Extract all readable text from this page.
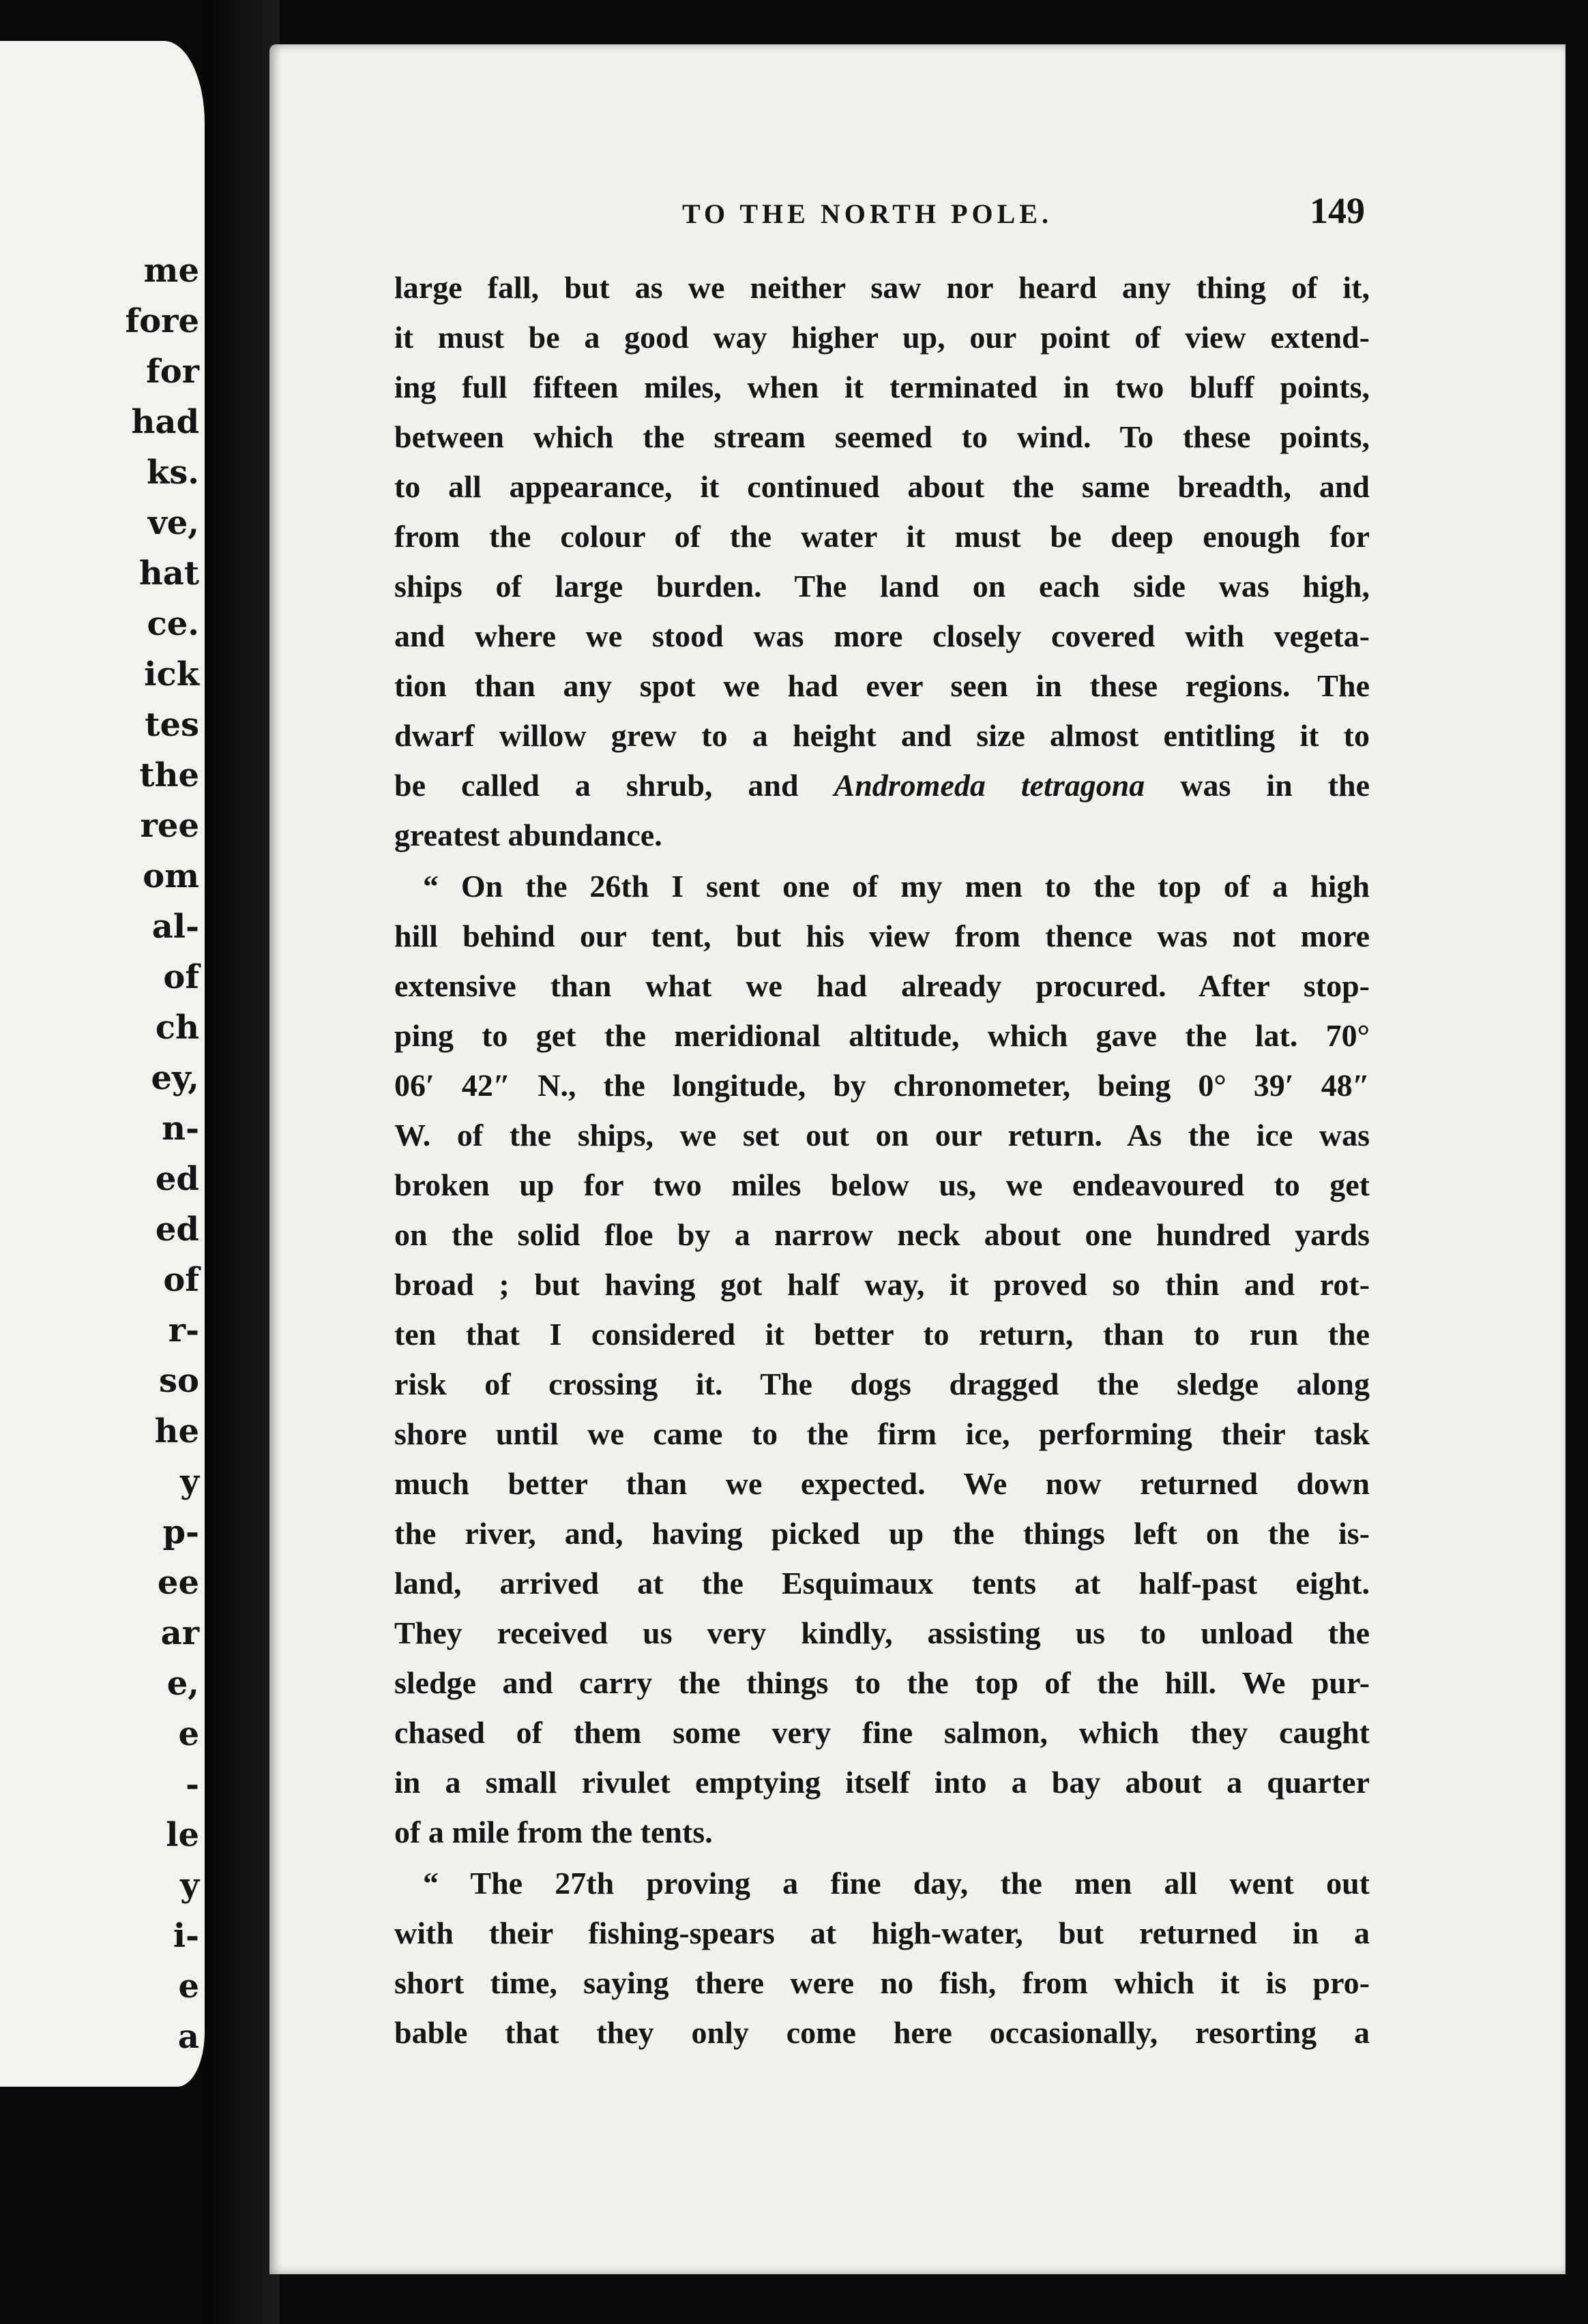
me
fore
for
had
ks.
ve,
hat
ce.
ick
tes
the
ree
om
al-
of
ch
ey,
n-
ed
ed
of
r-
so
he
y
p-
ee
ar
e,
e
-
le
y
i-
e
a
TO THE NORTH POLE.	149
large fall, but as we neither saw nor heard any thing of it,
it must be a good way higher up, our point of view extend-
ing full fifteen miles, when it terminated in two bluff points,
between which the stream seemed to wind. To these points,
to all appearance, it continued about the same breadth, and
from the colour of the water it must be deep enough for
ships of large burden. The land on each side was high,
and where we stood was more closely covered with vegeta-
tion than any spot we had ever seen in these regions. The
dwarf willow grew to a height and size almost entitling it to
be called a shrub, and Andromeda tetragona was in the
greatest abundance.
“ On the 26th I sent one of my men to the top of a high
hill behind our tent, but his view from thence was not more
extensive than what we had already procured. After stop-
ping to get the meridional altitude, which gave the lat. 70°
06′ 42″ N., the longitude, by chronometer, being 0° 39′ 48″
W. of the ships, we set out on our return. As the ice was
broken up for two miles below us, we endeavoured to get
on the solid floe by a narrow neck about one hundred yards
broad ; but having got half way, it proved so thin and rot-
ten that I considered it better to return, than to run the
risk of crossing it. The dogs dragged the sledge along
shore until we came to the firm ice, performing their task
much better than we expected. We now returned down
the river, and, having picked up the things left on the is-
land, arrived at the Esquimaux tents at half-past eight.
They received us very kindly, assisting us to unload the
sledge and carry the things to the top of the hill. We pur-
chased of them some very fine salmon, which they caught
in a small rivulet emptying itself into a bay about a quarter
of a mile from the tents.
“ The 27th proving a fine day, the men all went out
with their fishing-spears at high-water, but returned in a
short time, saying there were no fish, from which it is pro-
bable that they only come here occasionally, resorting a
